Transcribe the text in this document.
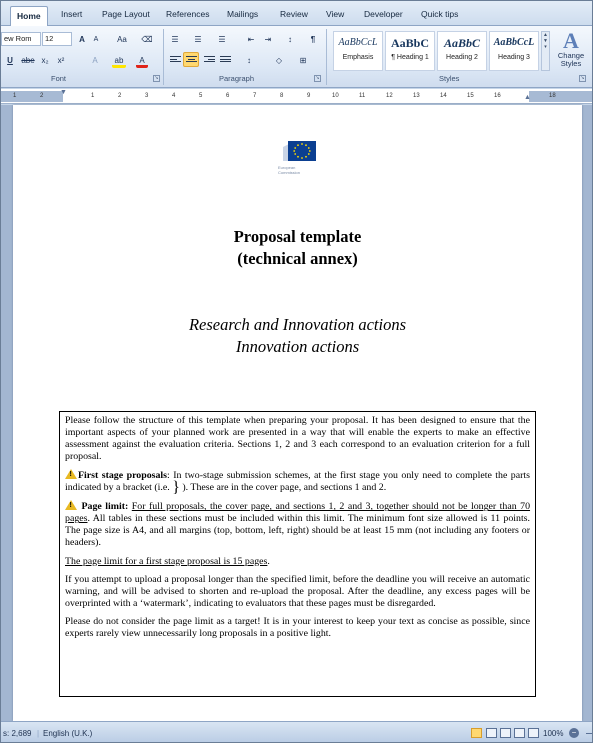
Home	Insert Page Layout References Mailings	Review View Developer Quick tips
ew Rom	12	A	A	Aa	⌫
U abe x₂	x²	A	ab	A
Font	↘
☰	☰	☰	⇤	⇥	↕	¶
↕	◇	⊞
Paragraph	↘
AaBbCcL
Emphasis
AaBbC
¶ Heading 1
AaBbC
Heading 2
AaBbCcL
Heading 3
▲
▼
▾ A
Change
Styles
Styles	↘
1	2	1	2	3	4	5	6	7	8	9	10	11	12	13	14	15	16	18
▼
▲
European Commission
Proposal template
(technical annex)
Research and Innovation actions
Innovation actions

Please follow the structure of this template when preparing your proposal. It has been designed to ensure that the important aspects of your planned work are presented in a way that will enable the experts to make an effective assessment against the evaluation criteria. Sections 1, 2 and 3 each correspond to an evaluation criterion for a full proposal.

!First stage proposals: In two-stage submission schemes, at the first stage you only need to complete the parts indicated by a bracket (i.e. } ). These are in the cover page, and sections 1 and 2.

! Page limit: For full proposals, the cover page, and sections 1, 2 and 3, together should not be longer than 70 pages. All tables in these sections must be included within this limit. The minimum font size allowed is 11 points. The page size is A4, and all margins (top, bottom, left, right) should be at least 15 mm (not including any footers or headers).

The page limit for a first stage proposal is 15 pages.

If you attempt to upload a proposal longer than the specified limit, before the deadline you will receive an automatic warning, and will be advised to shorten and re-upload the proposal. After the deadline, any excess pages will be overprinted with a ‘watermark’, indicating to evaluators that these pages must be disregarded.

Please do not consider the page limit as a target! It is in your interest to keep your text as concise as possible, since experts rarely view unnecessarily long proposals in a positive light.

s: 2,689 | English (U.K.)	100%	−
